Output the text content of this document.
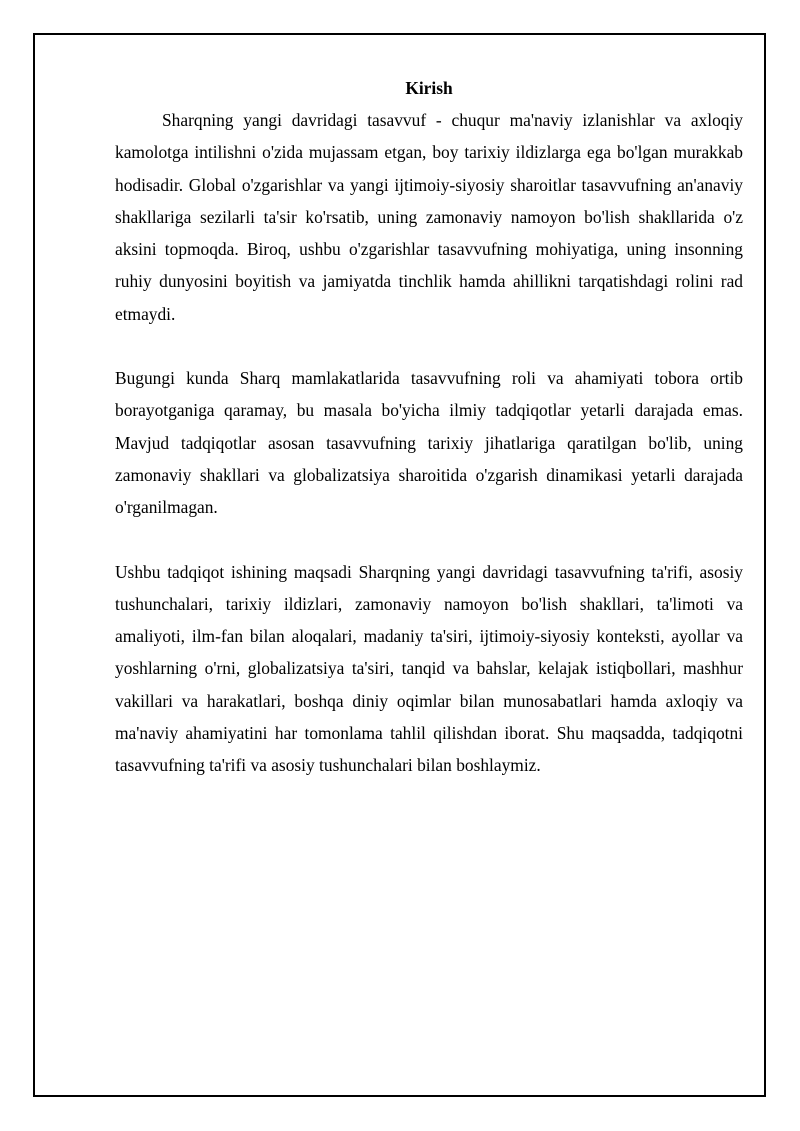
Kirish

Sharqning yangi davridagi tasavvuf - chuqur ma'naviy izlanishlar va axloqiy kamolotga intilishni o'zida mujassam etgan, boy tarixiy ildizlarga ega bo'lgan murakkab hodisadir. Global o'zgarishlar va yangi ijtimoiy-siyosiy sharoitlar tasavvufning an'anaviy shakllariga sezilarli ta'sir ko'rsatib, uning zamonaviy namoyon bo'lish shakllarida o'z aksini topmoqda. Biroq, ushbu o'zgarishlar tasavvufning mohiyatiga, uning insonning ruhiy dunyosini boyitish va jamiyatda tinchlik hamda ahillikni tarqatishdagi rolini rad etmaydi.

Bugungi kunda Sharq mamlakatlarida tasavvufning roli va ahamiyati tobora ortib borayotganiga qaramay, bu masala bo'yicha ilmiy tadqiqotlar yetarli darajada emas. Mavjud tadqiqotlar asosan tasavvufning tarixiy jihatlariga qaratilgan bo'lib, uning zamonaviy shakllari va globalizatsiya sharoitida o'zgarish dinamikasi yetarli darajada o'rganilmagan.

Ushbu tadqiqot ishining maqsadi Sharqning yangi davridagi tasavvufning ta'rifi, asosiy tushunchalari, tarixiy ildizlari, zamonaviy namoyon bo'lish shakllari, ta'limoti va amaliyoti, ilm-fan bilan aloqalari, madaniy ta'siri, ijtimoiy-siyosiy konteksti, ayollar va yoshlarning o'rni, globalizatsiya ta'siri, tanqid va bahslar, kelajak istiqbollari, mashhur vakillari va harakatlari, boshqa diniy oqimlar bilan munosabatlari hamda axloqiy va ma'naviy ahamiyatini har tomonlama tahlil qilishdan iborat. Shu maqsadda, tadqiqotni tasavvufning ta'rifi va asosiy tushunchalari bilan boshlaymiz.
